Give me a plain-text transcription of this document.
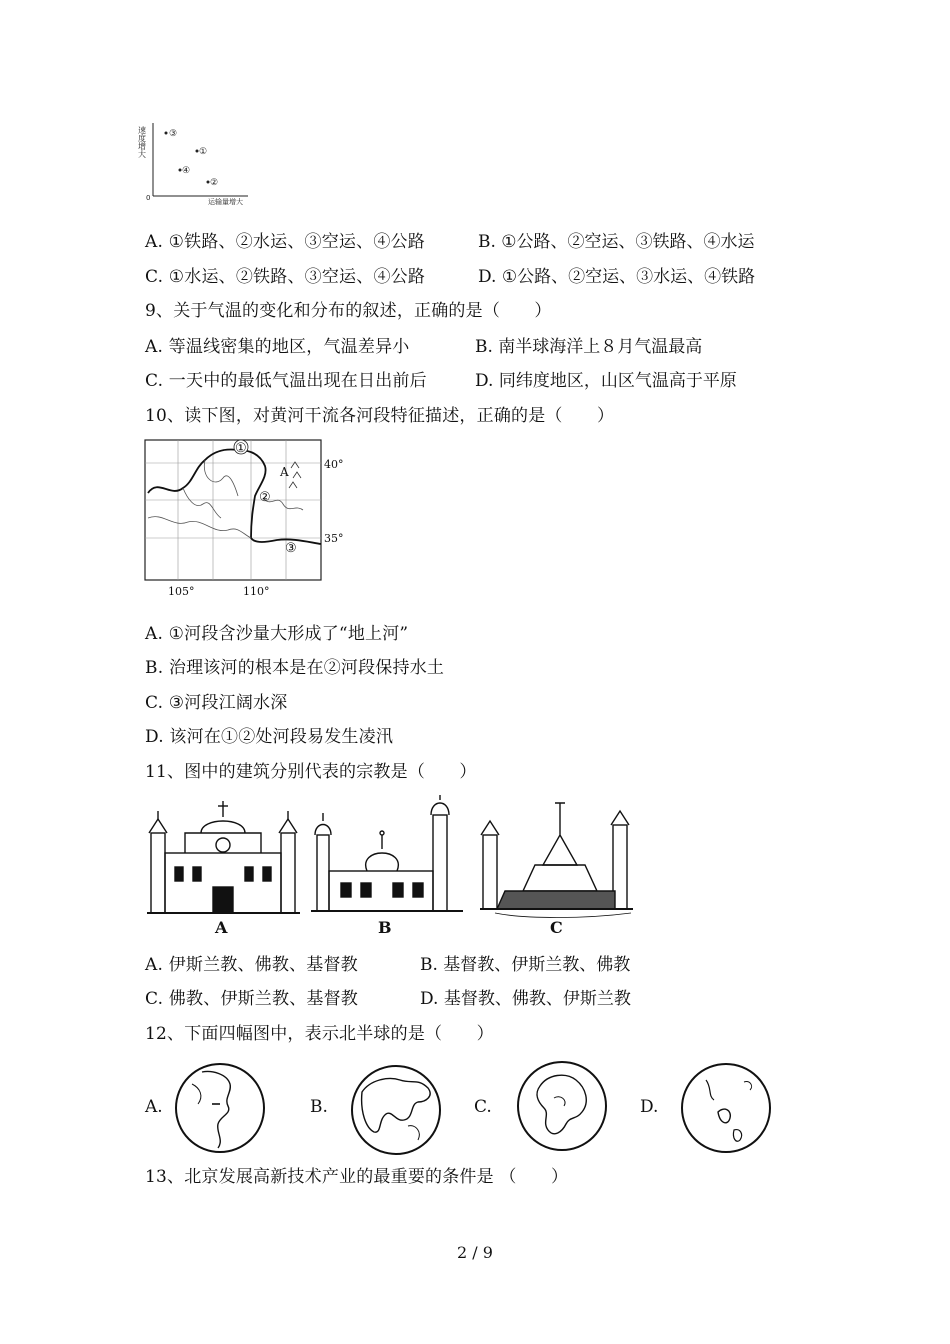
速度增大
0	运输量增大
③
①
④
②
A. ①铁路、②水运、③空运、④公路	B. ①公路、②空运、③铁路、④水运
C. ①水运、②铁路、③空运、④公路	D. ①公路、②空运、③水运、④铁路
9、关于气温的变化和分布的叙述，正确的是（　　）
A. 等温线密集的地区，气温差异小	B. 南半球海洋上８月气温最高
C. 一天中的最低气温出现在日出前后	D. 同纬度地区，山区气温高于平原
10、读下图，对黄河干流各河段特征描述，正确的是（　　）
①
②
③
A
40°
35°
105°	110°
A. ①河段含沙量大形成了“地上河”
B. 治理该河的根本是在②河段保持水土
C. ③河段江阔水深
D. 该河在①②处河段易发生凌汛
11、图中的建筑分别代表的宗教是（　　）
A	B	C
A. 伊斯兰教、佛教、基督教	B. 基督教、伊斯兰教、佛教
C. 佛教、伊斯兰教、基督教	D. 基督教、佛教、伊斯兰教
12、下面四幅图中，表示北半球的是（　　）
A.	B.	C.	D.
13、北京发展高新技术产业的最重要的条件是 （　　）
2 / 9
